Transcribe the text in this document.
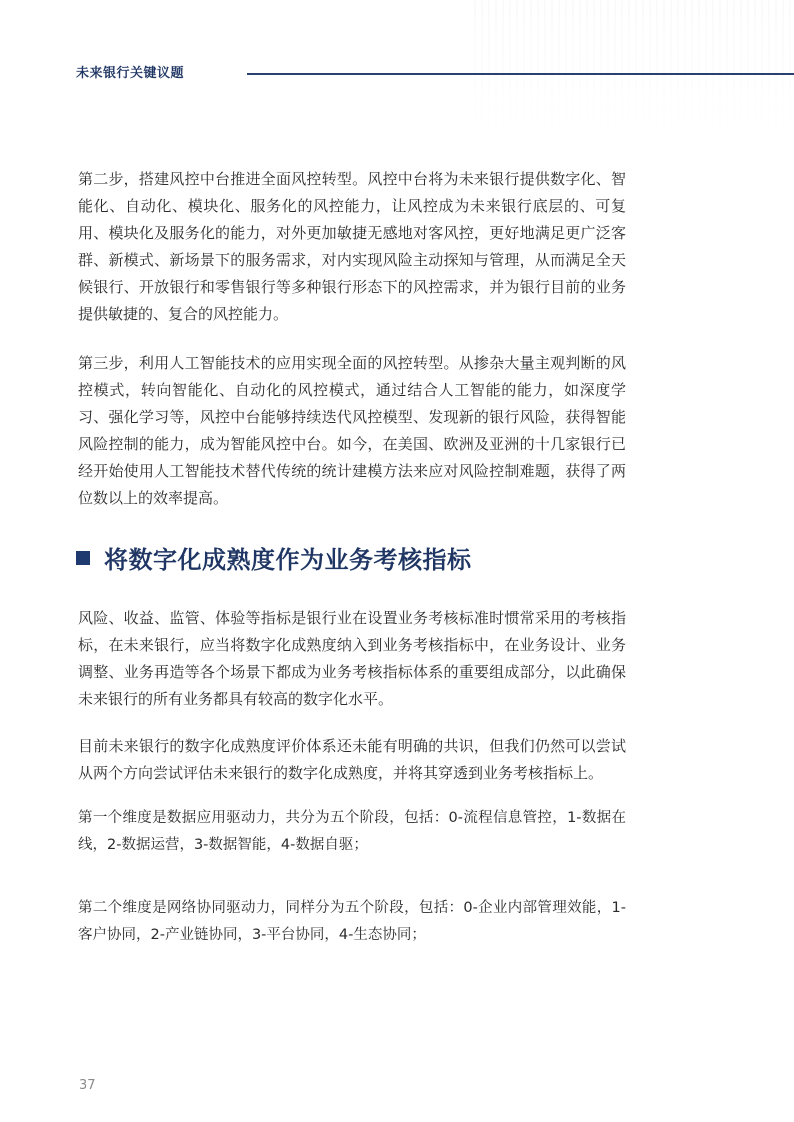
未来银行关键议题

第二步，搭建风控中台推进全面风控转型。风控中台将为未来银行提供数字化、智能化、自动化、模块化、服务化的风控能力，让风控成为未来银行底层的、可复用、模块化及服务化的能力，对外更加敏捷无感地对客风控，更好地满足更广泛客群、新模式、新场景下的服务需求，对内实现风险主动探知与管理，从而满足全天候银行、开放银行和零售银行等多种银行形态下的风控需求，并为银行目前的业务提供敏捷的、复合的风控能力。

第三步，利用人工智能技术的应用实现全面的风控转型。从掺杂大量主观判断的风控模式，转向智能化、自动化的风控模式，通过结合人工智能的能力，如深度学习、强化学习等，风控中台能够持续迭代风控模型、发现新的银行风险，获得智能风险控制的能力，成为智能风控中台。如今，在美国、欧洲及亚洲的十几家银行已经开始使用人工智能技术替代传统的统计建模方法来应对风险控制难题，获得了两位数以上的效率提高。

将数字化成熟度作为业务考核指标

风险、收益、监管、体验等指标是银行业在设置业务考核标准时惯常采用的考核指标，在未来银行，应当将数字化成熟度纳入到业务考核指标中，在业务设计、业务调整、业务再造等各个场景下都成为业务考核指标体系的重要组成部分，以此确保未来银行的所有业务都具有较高的数字化水平。

目前未来银行的数字化成熟度评价体系还未能有明确的共识，但我们仍然可以尝试从两个方向尝试评估未来银行的数字化成熟度，并将其穿透到业务考核指标上。

第一个维度是数据应用驱动力，共分为五个阶段，包括：0-流程信息管控，1-数据在线，2-数据运营，3-数据智能，4-数据自驱；

第二个维度是网络协同驱动力，同样分为五个阶段，包括：0-企业内部管理效能，1-客户协同，2-产业链协同，3-平台协同，4-生态协同；

37
